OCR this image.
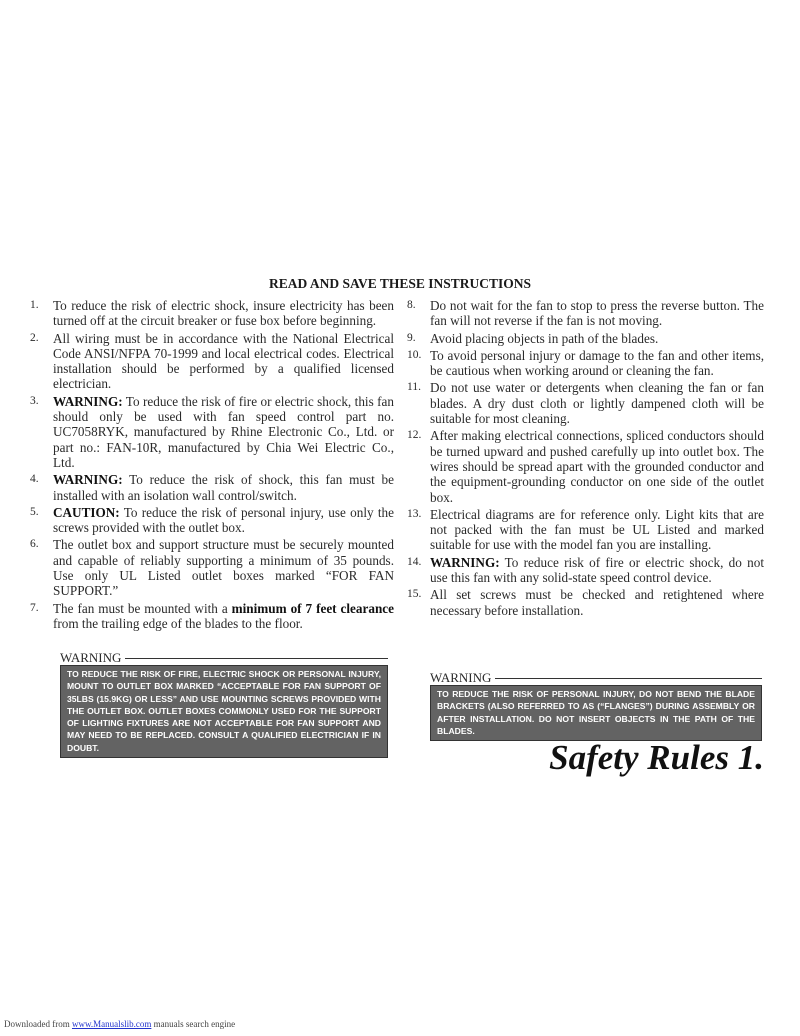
READ AND SAVE THESE INSTRUCTIONS
1. To reduce the risk of electric shock, insure electricity has been turned off at the circuit breaker or fuse box before beginning.
2. All wiring must be in accordance with the National Electrical Code ANSI/NFPA 70-1999 and local electrical codes. Electrical installation should be performed by a qualified licensed electrician.
3. WARNING: To reduce the risk of fire or electric shock, this fan should only be used with fan speed control part no. UC7058RYK, manufactured by Rhine Electronic Co., Ltd. or part no.: FAN-10R, manufactured by Chia Wei Electric Co., Ltd.
4. WARNING: To reduce the risk of shock, this fan must be installed with an isolation wall control/switch.
5. CAUTION: To reduce the risk of personal injury, use only the screws provided with the outlet box.
6. The outlet box and support structure must be securely mounted and capable of reliably supporting a minimum of 35 pounds. Use only UL Listed outlet boxes marked “FOR FAN SUPPORT.”
7. The fan must be mounted with a minimum of 7 feet clearance from the trailing edge of the blades to the floor.
8. Do not wait for the fan to stop to press the reverse button. The fan will not reverse if the fan is not moving.
9. Avoid placing objects in path of the blades.
10. To avoid personal injury or damage to the fan and other items, be cautious when working around or cleaning the fan.
11. Do not use water or detergents when cleaning the fan or fan blades. A dry dust cloth or lightly dampened cloth will be suitable for most cleaning.
12. After making electrical connections, spliced conductors should be turned upward and pushed carefully up into outlet box. The wires should be spread apart with the grounded conductor and the equipment-grounding conductor on one side of the outlet box.
13. Electrical diagrams are for reference only. Light kits that are not packed with the fan must be UL Listed and marked suitable for use with the model fan you are installing.
14. WARNING: To reduce risk of fire or electric shock, do not use this fan with any solid-state speed control device.
15. All set screws must be checked and retightened where necessary before installation.
WARNING
TO REDUCE THE RISK OF FIRE, ELECTRIC SHOCK OR PERSONAL INJURY, MOUNT TO OUTLET BOX MARKED “ACCEPTABLE FOR FAN SUPPORT OF 35LBS (15.9KG) OR LESS” AND USE MOUNTING SCREWS PROVIDED WITH THE OUTLET BOX. OUTLET BOXES COMMONLY USED FOR THE SUPPORT OF LIGHTING FIXTURES ARE NOT ACCEPTABLE FOR FAN SUPPORT AND MAY NEED TO BE REPLACED. CONSULT A QUALIFIED ELECTRICIAN IF IN DOUBT.
WARNING
TO REDUCE THE RISK OF PERSONAL INJURY, DO NOT BEND THE BLADE BRACKETS (ALSO REFERRED TO AS (“FLANGES”) DURING ASSEMBLY OR AFTER INSTALLATION. DO NOT INSERT OBJECTS IN THE PATH OF THE BLADES.
Safety Rules 1.
Downloaded from www.Manualslib.com manuals search engine
